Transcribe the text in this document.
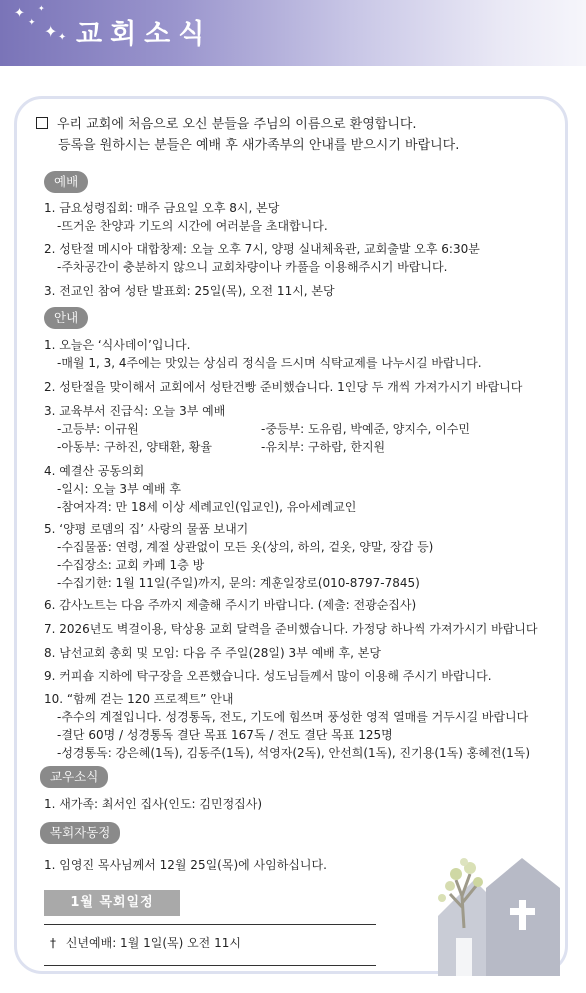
✦
✦
✦
✦ ✦ 교회소식
우리 교회에 처음으로 오신 분들을 주님의 이름으로 환영합니다.
등록을 원하시는 분들은 예배 후 새가족부의 안내를 받으시기 바랍니다.
예배
1. 금요성령집회: 매주 금요일 오후 8시, 본당
-뜨거운 찬양과 기도의 시간에 여러분을 초대합니다.
2. 성탄절 메시아 대합창제: 오늘 오후 7시, 양평 실내체육관, 교회출발 오후 6:30분
-주차공간이 충분하지 않으니 교회차량이나 카풀을 이용해주시기 바랍니다.
3. 전교인 참여 성탄 발표회: 25일(목), 오전 11시, 본당
안내
1. 오늘은 ‘식사데이’입니다.
-매월 1, 3, 4주에는 맛있는 상심리 정식을 드시며 식탁교제를 나누시길 바랍니다.
2. 성탄절을 맞이해서 교회에서 성탄건빵 준비했습니다. 1인당 두 개씩 가져가시기 바랍니다
3. 교육부서 진급식: 오늘 3부 예배
-고등부: 이규원	-중등부: 도유림, 박예준, 양지수, 이수민
-아동부: 구하진, 양태환, 황율	-유치부: 구하람, 한지원
4. 예결산 공동의회
-일시: 오늘 3부 예배 후
-참여자격: 만 18세 이상 세례교인(입교인), 유아세례교인
5. ‘양평 로뎀의 집’ 사랑의 물품 보내기
-수집물품: 연령, 계절 상관없이 모든 옷(상의, 하의, 겉옷, 양말, 장갑 등)
-수집장소: 교회 카페 1층 방
-수집기한: 1월 11일(주일)까지, 문의: 계훈일장로(010-8797-7845)
6. 감사노트는 다음 주까지 제출해 주시기 바랍니다. (제출: 전광순집사)
7. 2026년도 벽걸이용, 탁상용 교회 달력을 준비했습니다. 가정당 하나씩 가져가시기 바랍니다
8. 남선교회 총회 및 모임: 다음 주 주일(28일) 3부 예배 후, 본당
9. 커피숍 지하에 탁구장을 오픈했습니다. 성도님들께서 많이 이용해 주시기 바랍니다.
10. “함께 걷는 120 프로젝트” 안내
-추수의 계절입니다. 성경통독, 전도, 기도에 힘쓰며 풍성한 영적 열매를 거두시길 바랍니다
-결단 60명 / 성경통독 결단 목표 167독 / 전도 결단 목표 125명
-성경통독: 강은혜(1독), 김동주(1독), 석영자(2독), 안선희(1독), 진기용(1독) 홍혜전(1독)
교우소식
1. 새가족: 최서인 집사(인도: 김민정집사)
목회자동정
1. 임영진 목사님께서 12월 25일(목)에 사임하십니다.
1월 목회일정
† 신년예배: 1월 1일(목) 오전 11시
